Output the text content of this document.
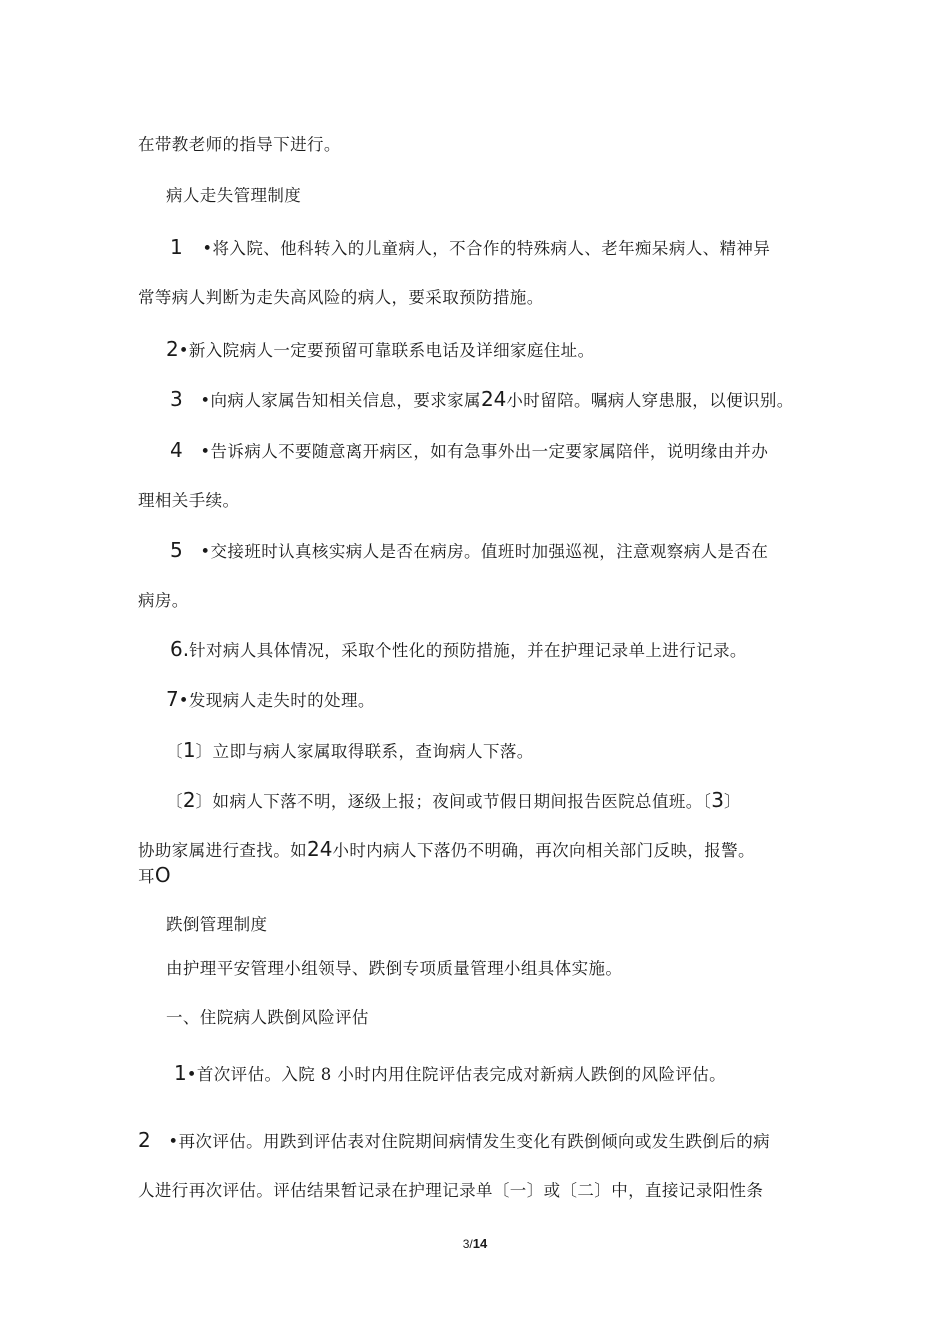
在带教老师的指导下进行。
病人走失管理制度
1 •将入院、他科转入的儿童病人，不合作的特殊病人、老年痴呆病人、精神异
常等病人判断为走失高风险的病人，要采取预防措施。
2•新入院病人一定要预留可靠联系电话及详细家庭住址。
3 •向病人家属告知相关信息，要求家属24小时留陪。嘱病人穿患服，以便识别。
4 •告诉病人不要随意离开病区，如有急事外出一定要家属陪伴，说明缘由并办
理相关手续。
5 •交接班时认真核实病人是否在病房。值班时加强巡视，注意观察病人是否在
病房。
6.针对病人具体情况，采取个性化的预防措施，并在护理记录单上进行记录。
7•发现病人走失时的处理。
〔1〕立即与病人家属取得联系，查询病人下落。
〔2〕如病人下落不明，逐级上报；夜间或节假日期间报告医院总值班。〔3〕
协助家属进行查找。如24小时内病人下落仍不明确，再次向相关部门反映，报警。
耳O
跌倒管理制度
由护理平安管理小组领导、跌倒专项质量管理小组具体实施。
一、住院病人跌倒风险评估
1•首次评估。入院 8 小时内用住院评估表完成对新病人跌倒的风险评估。
2 •再次评估。用跌到评估表对住院期间病情发生变化有跌倒倾向或发生跌倒后的病
人进行再次评估。评估结果暂记录在护理记录单〔一〕或〔二〕中，直接记录阳性条
3/14
